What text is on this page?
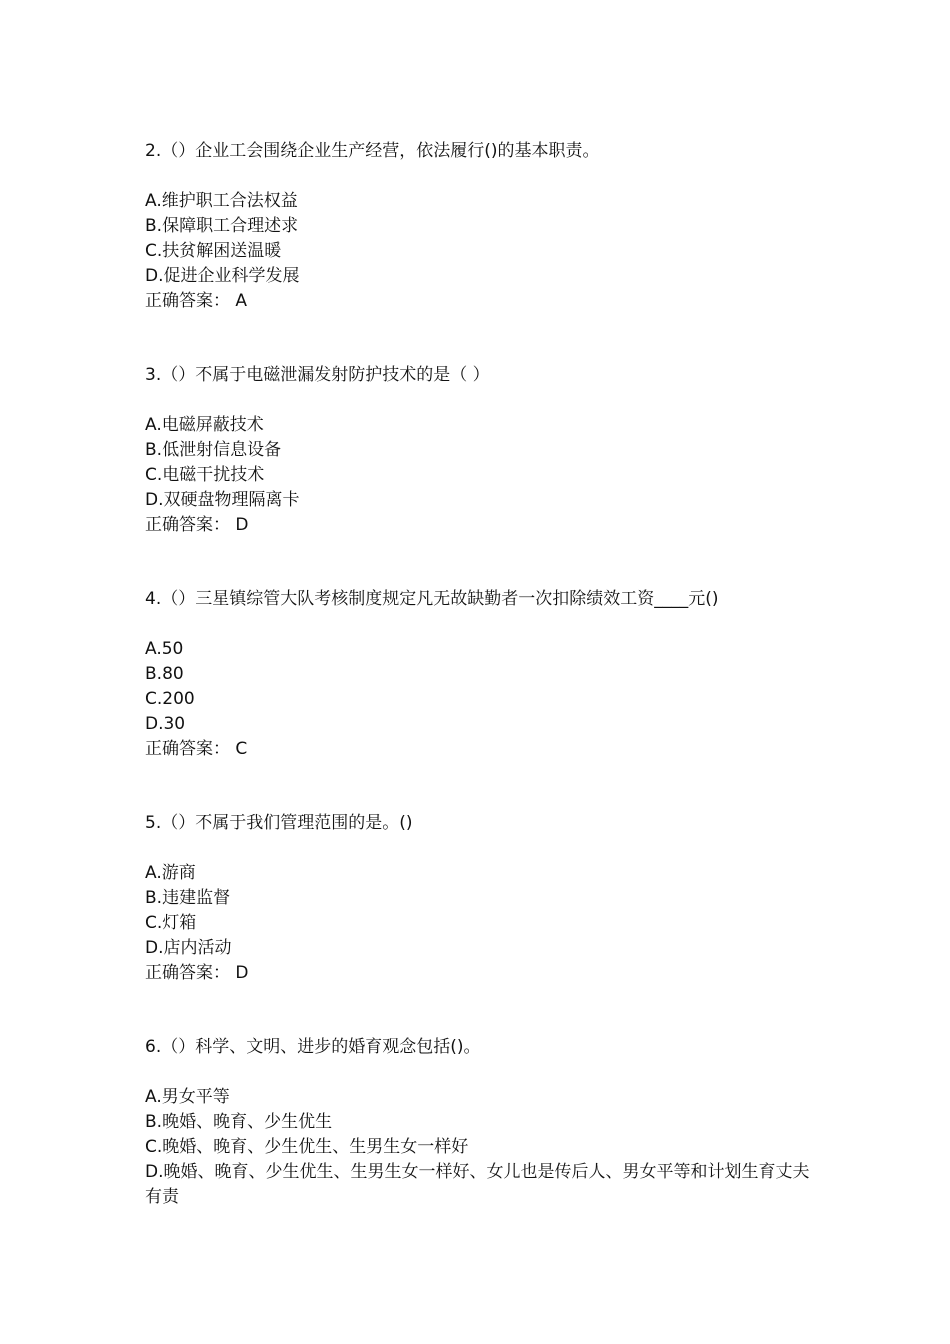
2.（）企业工会围绕企业生产经营，依法履行()的基本职责。

A.维护职工合法权益

B.保障职工合理述求

C.扶贫解困送温暖

D.促进企业科学发展

正确答案： A

3.（）不属于电磁泄漏发射防护技术的是（ ）

A.电磁屏蔽技术

B.低泄射信息设备

C.电磁干扰技术

D.双硬盘物理隔离卡

正确答案： D

4.（）三星镇综管大队考核制度规定凡无故缺勤者一次扣除绩效工资____元()

A.50

B.80

C.200

D.30

正确答案： C

5.（）不属于我们管理范围的是。()

A.游商

B.违建监督

C.灯箱

D.店内活动

正确答案： D

6.（）科学、文明、进步的婚育观念包括()。

A.男女平等

B.晚婚、晚育、少生优生

C.晚婚、晚育、少生优生、生男生女一样好

D.晚婚、晚育、少生优生、生男生女一样好、女儿也是传后人、男女平等和计划生育丈夫有责
